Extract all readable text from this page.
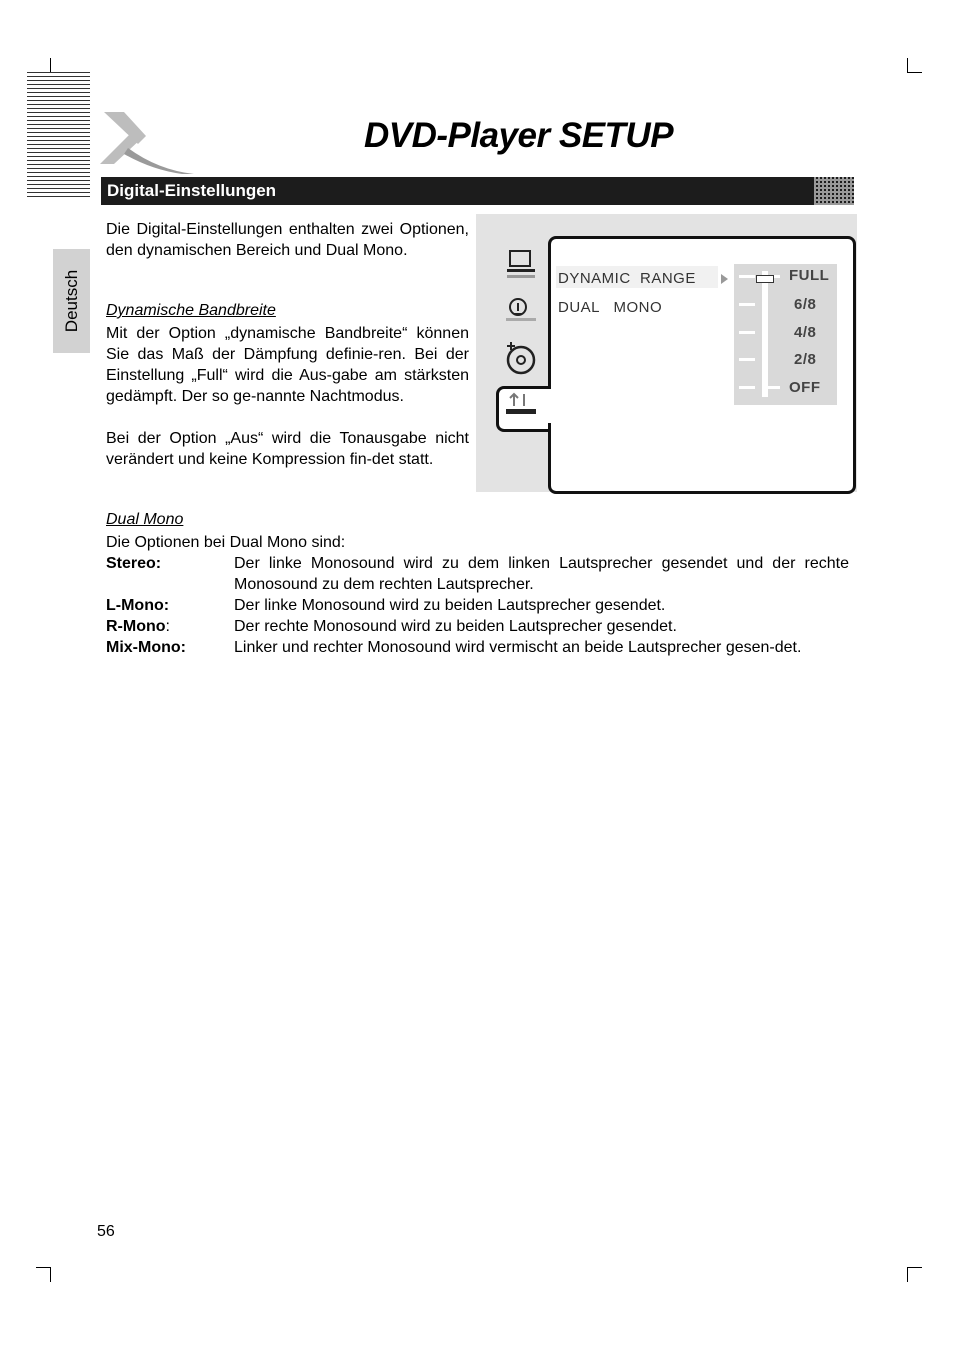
DVD-Player SETUP
Digital-Einstellungen
Deutsch
Die Digital-Einstellungen enthalten zwei Optionen, den dynamischen Bereich und Dual Mono.
Dynamische Bandbreite
Mit der Option „dynamische Bandbreite“ können Sie das Maß der Dämpfung definie-ren. Bei der Einstellung „Full“ wird die Aus-gabe am stärksten gedämpft. Der so ge-nannte Nachtmodus.
Bei der Option „Aus“ wird die Tonausgabe nicht verändert und keine Kompression fin-det statt.
DYNAMIC  RANGE
DUAL   MONO
FULL
6/8
4/8
2/8
OFF
Dual Mono
Die Optionen bei Dual Mono sind:
Stereo:	Der linke Monosound wird zu dem linken Lautsprecher gesendet und der rechte Monosound zu dem rechten Lautsprecher.
L-Mono:	Der linke Monosound wird zu beiden Lautsprecher gesendet.
R-Mono:	Der rechte Monosound wird zu beiden Lautsprecher gesendet.
Mix-Mono:	Linker und rechter Monosound wird vermischt an beide Lautsprecher gesen-det.
56
